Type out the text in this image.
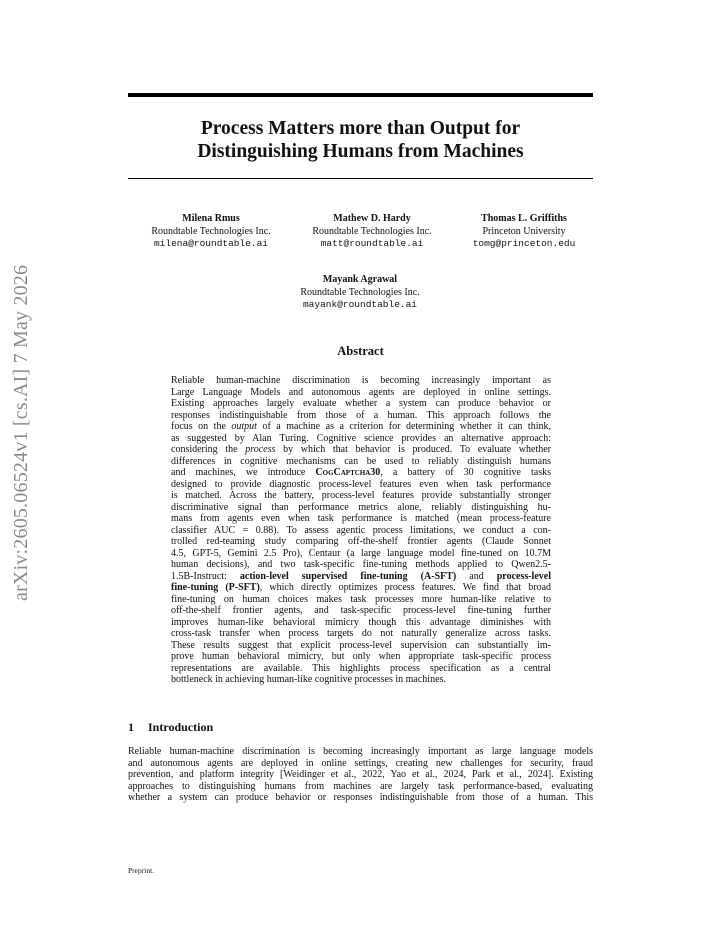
arXiv:2605.06524v1 [cs.AI] 7 May 2026
Process Matters more than Output for
Distinguishing Humans from Machines
Milena Rmus
Roundtable Technologies Inc.
milena@roundtable.ai
Mathew D. Hardy
Roundtable Technologies Inc.
matt@roundtable.ai
Thomas L. Griffiths
Princeton University
tomg@princeton.edu
Mayank Agrawal
Roundtable Technologies Inc.
mayank@roundtable.ai
Abstract
Reliable human-machine discrimination is becoming increasingly important as
Large Language Models and autonomous agents are deployed in online settings.
Existing approaches largely evaluate whether a system can produce behavior or
responses indistinguishable from those of a human. This approach follows the
focus on the output of a machine as a criterion for determining whether it can think,
as suggested by Alan Turing. Cognitive science provides an alternative approach:
considering the process by which that behavior is produced. To evaluate whether
differences in cognitive mechanisms can be used to reliably distinguish humans
and machines, we introduce CogCaptcha30, a battery of 30 cognitive tasks
designed to provide diagnostic process-level features even when task performance
is matched. Across the battery, process-level features provide substantially stronger
discriminative signal than performance metrics alone, reliably distinguishing hu-
mans from agents even when task performance is matched (mean process-feature
classifier AUC = 0.88). To assess agentic process limitations, we conduct a con-
trolled red-teaming study comparing off-the-shelf frontier agents (Claude Sonnet
4.5, GPT-5, Gemini 2.5 Pro), Centaur (a large language model fine-tuned on 10.7M
human decisions), and two task-specific fine-tuning methods applied to Qwen2.5-
1.5B-Instruct: action-level supervised fine-tuning (A-SFT) and process-level
fine-tuning (P-SFT), which directly optimizes process features. We find that broad
fine-tuning on human choices makes task processes more human-like relative to
off-the-shelf frontier agents, and task-specific process-level fine-tuning further
improves human-like behavioral mimicry though this advantage diminishes with
cross-task transfer when process targets do not naturally generalize across tasks.
These results suggest that explicit process-level supervision can substantially im-
prove human behavioral mimicry, but only when appropriate task-specific process
representations are available. This highlights process specification as a central
bottleneck in achieving human-like cognitive processes in machines.
1 Introduction
Reliable human-machine discrimination is becoming increasingly important as large language models
and autonomous agents are deployed in online settings, creating new challenges for security, fraud
prevention, and platform integrity [Weidinger et al., 2022, Yao et al., 2024, Park et al., 2024]. Existing
approaches to distinguishing humans from machines are largely task performance-based, evaluating
whether a system can produce behavior or responses indistinguishable from those of a human. This

Preprint.
